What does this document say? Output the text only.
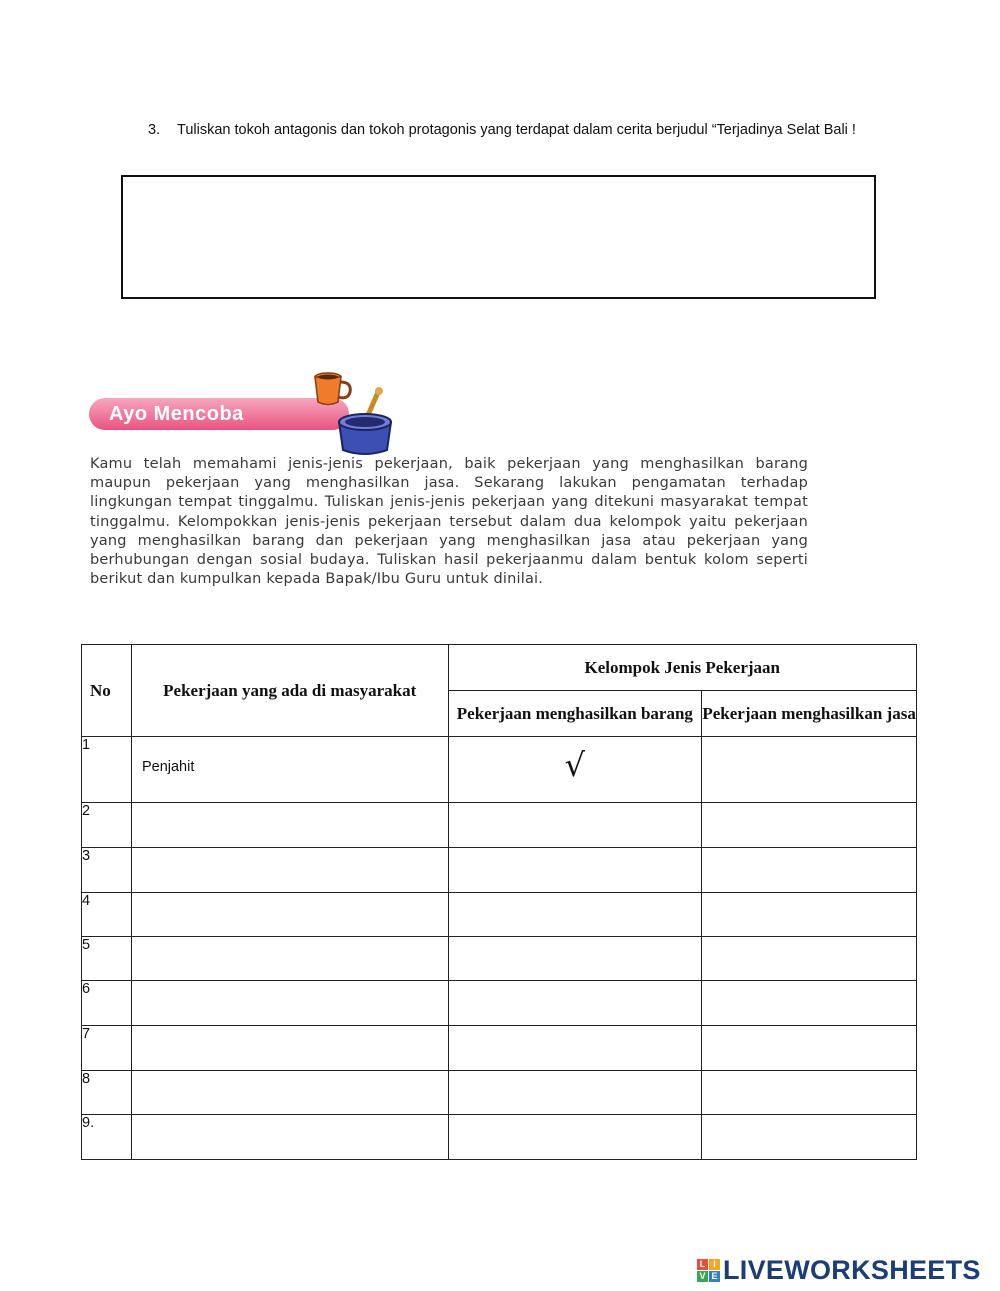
3. Tuliskan tokoh antagonis dan tokoh protagonis yang terdapat dalam cerita berjudul “Terjadinya Selat Bali !
Ayo Mencoba
Kamu telah memahami jenis-jenis pekerjaan, baik pekerjaan yang menghasilkan barang maupun pekerjaan yang menghasilkan jasa. Sekarang lakukan pengamatan terhadap lingkungan tempat tinggalmu. Tuliskan jenis-jenis pekerjaan yang ditekuni masyarakat tempat tinggalmu. Kelompokkan jenis-jenis pekerjaan tersebut dalam dua kelompok yaitu pekerjaan yang menghasilkan barang dan pekerjaan yang menghasilkan jasa atau pekerjaan yang berhubungan dengan sosial budaya. Tuliskan hasil pekerjaanmu dalam bentuk kolom seperti berikut dan kumpulkan kepada Bapak/Ibu Guru untuk dinilai.
No	Pekerjaan yang ada di masyarakat	Kelompok Jenis Pekerjaan	
		Pekerjaan menghasilkan barang	Pekerjaan menghasilkan jasa
1	Penjahit	√	

2			
3			
4			
5			
6			
7			
8			
9.			
L I
V E LIVEWORKSHEETS
